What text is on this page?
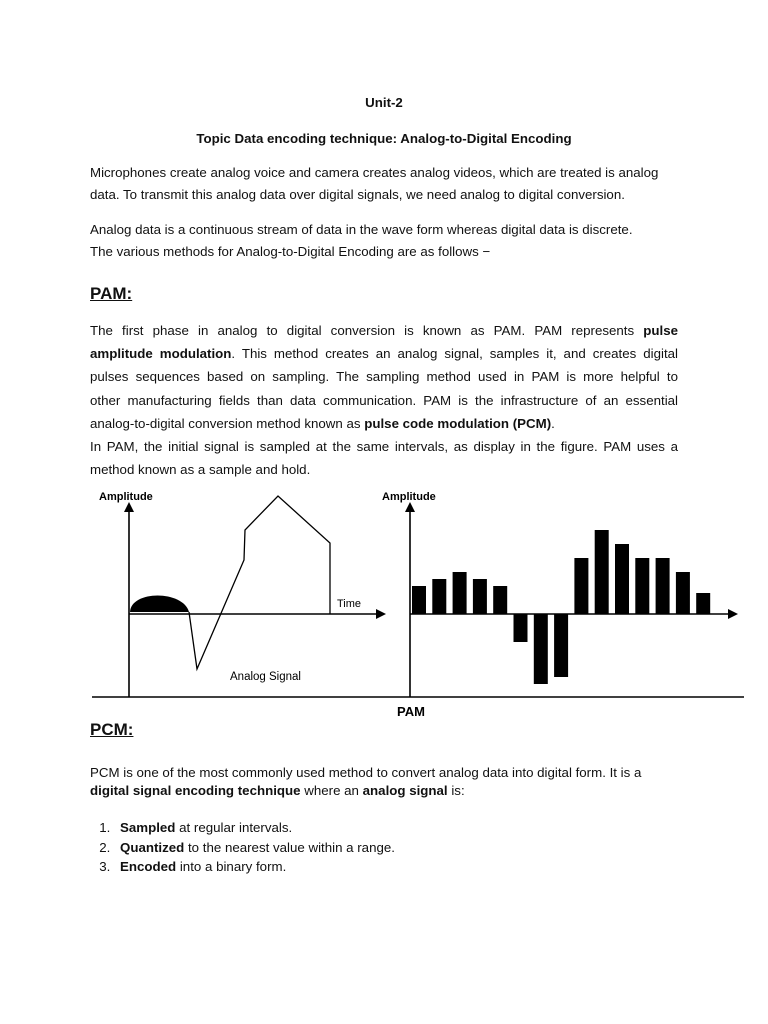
Unit-2

Topic Data encoding technique: Analog-to-Digital Encoding

Microphones create analog voice and camera creates analog videos, which are treated is analog

data. To transmit this analog data over digital signals, we need analog to digital conversion.

Analog data is a continuous stream of data in the wave form whereas digital data is discrete.

The various methods for Analog-to-Digital Encoding are as follows −

PAM:

The first phase in analog to digital conversion is known as PAM. PAM represents pulse
amplitude modulation. This method creates an analog signal, samples it, and creates digital
pulses sequences based on sampling. The sampling method used in PAM is more helpful to
other manufacturing fields than data communication. PAM is the infrastructure of an essential
analog-to-digital conversion method known as pulse code modulation (PCM).
In PAM, the initial signal is sampled at the same intervals, as display in the figure. PAM uses a
method known as a sample and hold.
Amplitude
Time
Analog Signal
Amplitude
PAM

PCM:

PCM is one of the most commonly used method to convert analog data into digital form. It is a

digital signal encoding technique where an analog signal is:

1. Sampled at regular intervals.
2. Quantized to the nearest value within a range.
3. Encoded into a binary form.
